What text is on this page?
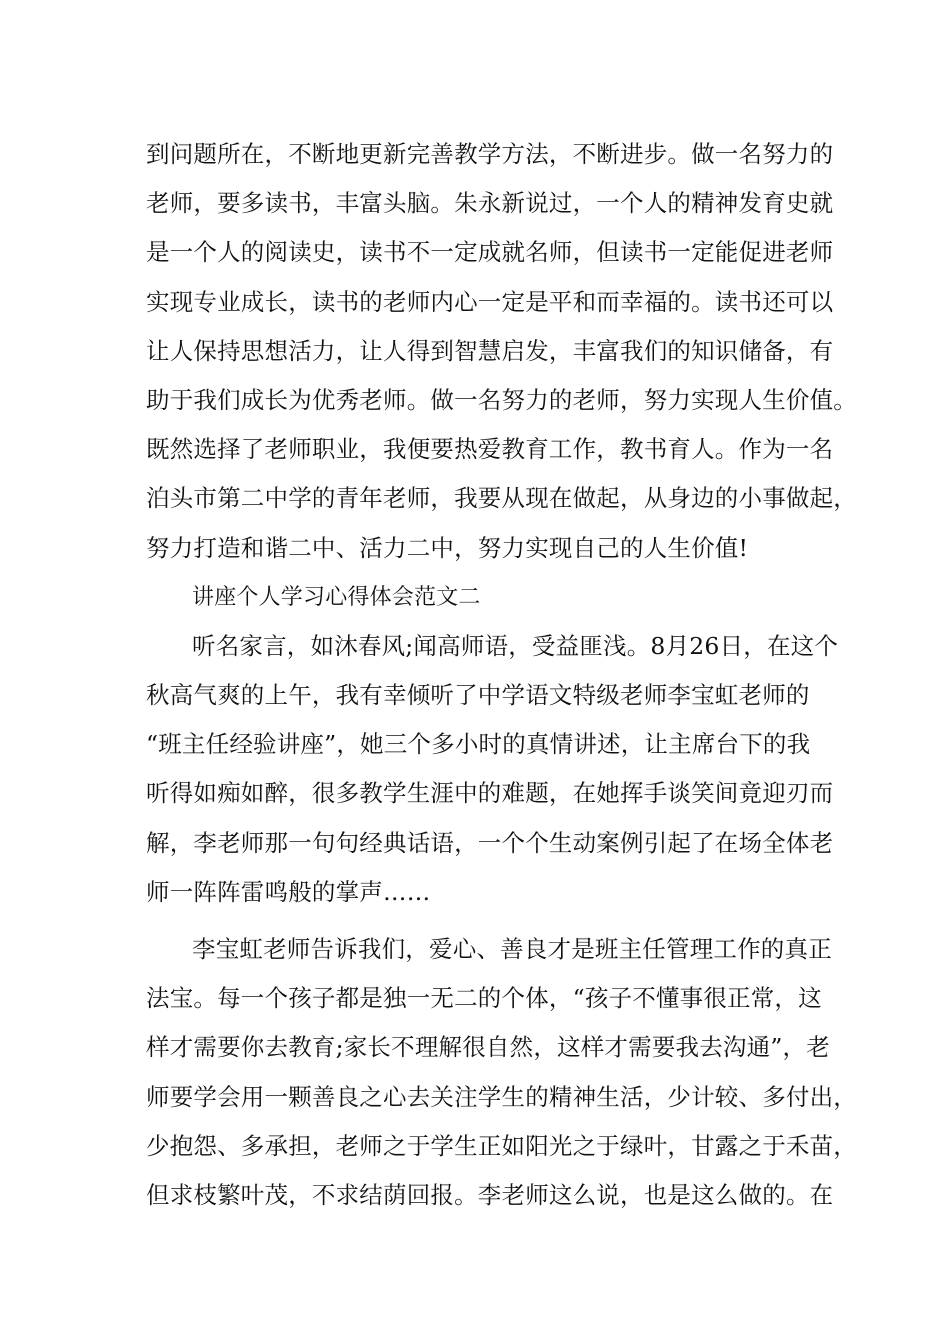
到问题所在，不断地更新完善教学方法，不断进步。做一名努力的
老师，要多读书，丰富头脑。朱永新说过，一个人的精神发育史就
是一个人的阅读史，读书不一定成就名师，但读书一定能促进老师
实现专业成长，读书的老师内心一定是平和而幸福的。读书还可以
让人保持思想活力，让人得到智慧启发，丰富我们的知识储备，有
助于我们成长为优秀老师。做一名努力的老师，努力实现人生价值。
既然选择了老师职业，我便要热爱教育工作，教书育人。作为一名
泊头市第二中学的青年老师，我要从现在做起，从身边的小事做起，
努力打造和谐二中、活力二中，努力实现自己的人生价值!
讲座个人学习心得体会范文二
听名家言，如沐春风;闻高师语，受益匪浅。8月26日，在这个
秋高气爽的上午，我有幸倾听了中学语文特级老师李宝虹老师的
“班主任经验讲座”，她三个多小时的真情讲述，让主席台下的我
听得如痴如醉，很多教学生涯中的难题，在她挥手谈笑间竟迎刃而
解，李老师那一句句经典话语，一个个生动案例引起了在场全体老
师一阵阵雷鸣般的掌声……
李宝虹老师告诉我们，爱心、善良才是班主任管理工作的真正
法宝。每一个孩子都是独一无二的个体，“孩子不懂事很正常，这
样才需要你去教育;家长不理解很自然，这样才需要我去沟通”，老
师要学会用一颗善良之心去关注学生的精神生活，少计较、多付出，
少抱怨、多承担，老师之于学生正如阳光之于绿叶，甘露之于禾苗，
但求枝繁叶茂，不求结荫回报。李老师这么说，也是这么做的。在
